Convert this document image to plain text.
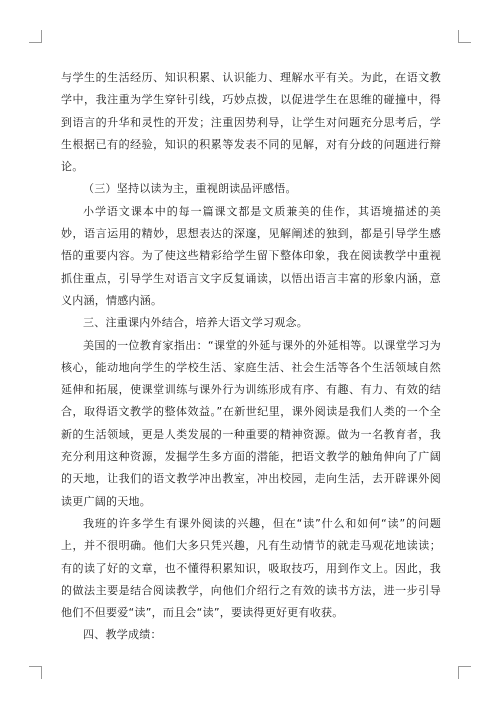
与学生的生活经历、知识积累、认识能力、理解水平有关。为此，在语文教学中，我注重为学生穿针引线，巧妙点拨，以促进学生在思维的碰撞中，得到语言的升华和灵性的开发；注重因势利导，让学生对问题充分思考后，学生根据已有的经验，知识的积累等发表不同的见解，对有分歧的问题进行辩论。

（三）坚持以读为主，重视朗读品评感悟。

小学语文课本中的每一篇课文都是文质兼美的佳作，其语境描述的美妙，语言运用的精妙，思想表达的深邃，见解阐述的独到，都是引导学生感悟的重要内容。为了使这些精彩给学生留下整体印象，我在阅读教学中重视抓住重点，引导学生对语言文字反复诵读，以悟出语言丰富的形象内涵，意义内涵，情感内涵。

三、注重课内外结合，培养大语文学习观念。

美国的一位教育家指出：“课堂的外延与课外的外延相等。以课堂学习为核心，能动地向学生的学校生活、家庭生活、社会生活等各个生活领域自然延伸和拓展，使课堂训练与课外行为训练形成有序、有趣、有力、有效的结合，取得语文教学的整体效益。”在新世纪里，课外阅读是我们人类的一个全新的生活领域，更是人类发展的一种重要的精神资源。做为一名教育者，我充分利用这种资源，发掘学生多方面的潜能，把语文教学的触角伸向了广阔的天地，让我们的语文教学冲出教室，冲出校园，走向生活，去开辟课外阅读更广阔的天地。

我班的许多学生有课外阅读的兴趣，但在“读”什么和如何“读”的问题上，并不很明确。他们大多只凭兴趣，凡有生动情节的就走马观花地读读；有的读了好的文章，也不懂得积累知识，吸取技巧，用到作文上。因此，我的做法主要是结合阅读教学，向他们介绍行之有效的读书方法，进一步引导他们不但要爱“读”，而且会“读”，要读得更好更有收获。

四、教学成绩：
